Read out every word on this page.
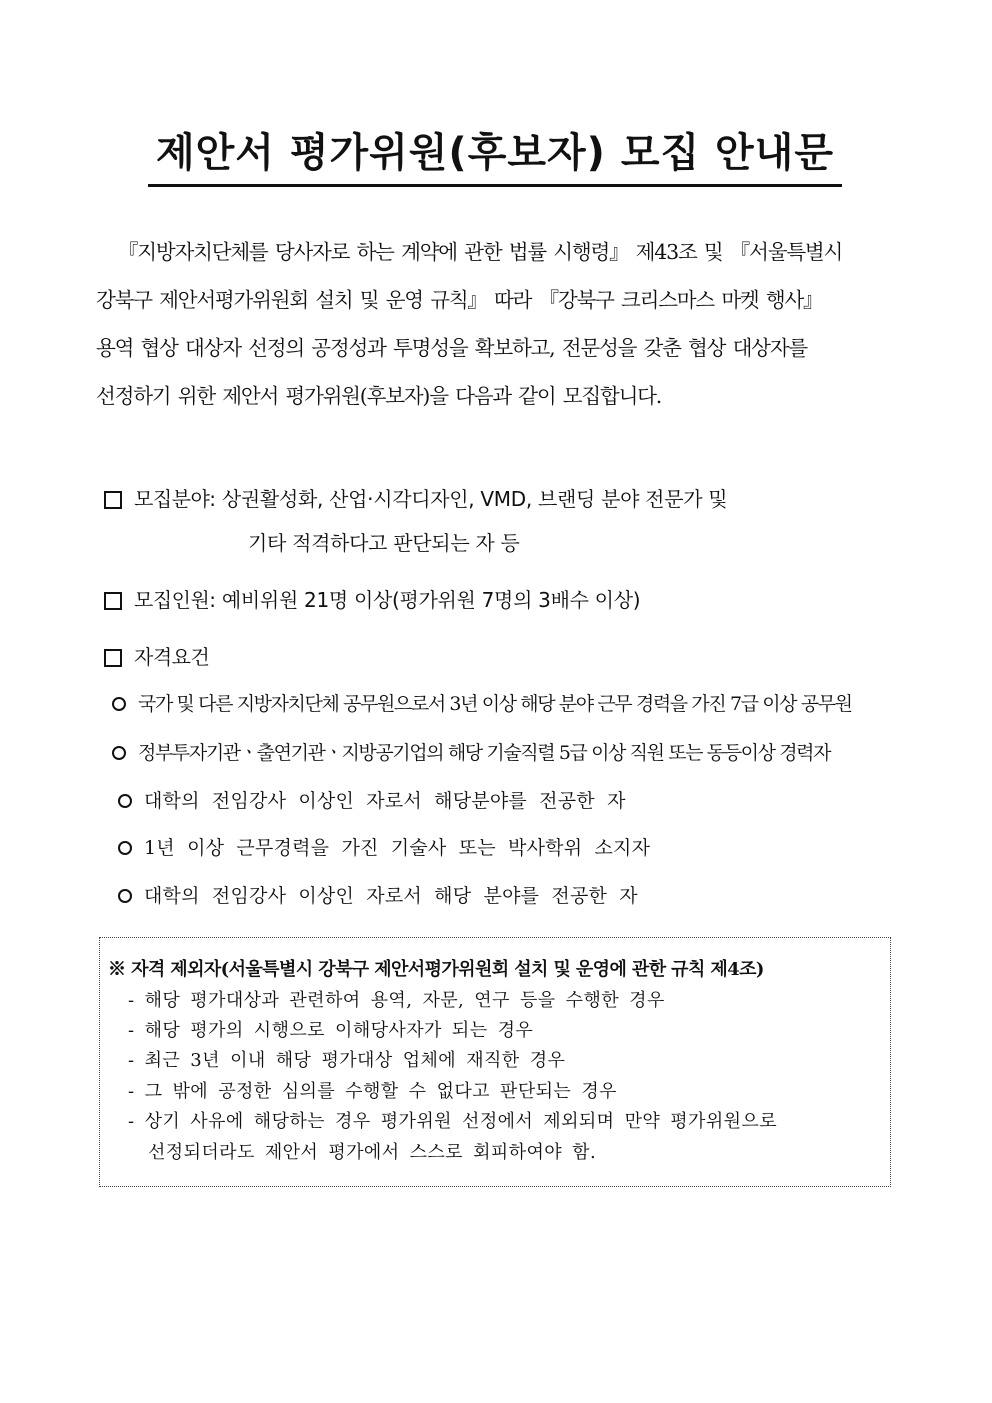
제안서 평가위원(후보자) 모집 안내문

『지방자치단체를 당사자로 하는 계약에 관한 법률 시행령』 제43조 및 『서울특별시
강북구 제안서평가위원회 설치 및 운영 규칙』 따라 『강북구 크리스마스 마켓 행사』
용역 협상 대상자 선정의 공정성과 투명성을 확보하고, 전문성을 갖춘 협상 대상자를
선정하기 위한 제안서 평가위원(후보자)을 다음과 같이 모집합니다.

모집분야: 상권활성화, 산업·시각디자인, VMD, 브랜딩 분야 전문가 및
기타 적격하다고 판단되는 자 등
모집인원: 예비위원 21명 이상(평가위원 7명의 3배수 이상)
자격요건
국가 및 다른 지방자치단체 공무원으로서 3년 이상 해당 분야 근무 경력을 가진 7급 이상 공무원
정부투자기관ㆍ출연기관ㆍ지방공기업의 해당 기술직렬 5급 이상 직원 또는 동등이상 경력자
대학의 전임강사 이상인 자로서 해당분야를 전공한 자
1년 이상 근무경력을 가진 기술사 또는 박사학위 소지자
대학의 전임강사 이상인 자로서 해당 분야를 전공한 자
※ 자격 제외자(서울특별시 강북구 제안서평가위원회 설치 및 운영에 관한 규칙 제4조)
- 해당 평가대상과 관련하여 용역, 자문, 연구 등을 수행한 경우
- 해당 평가의 시행으로 이해당사자가 되는 경우
- 최근 3년 이내 해당 평가대상 업체에 재직한 경우
- 그 밖에 공정한 심의를 수행할 수 없다고 판단되는 경우
- 상기 사유에 해당하는 경우 평가위원 선정에서 제외되며 만약 평가위원으로
선정되더라도 제안서 평가에서 스스로 회피하여야 함.
